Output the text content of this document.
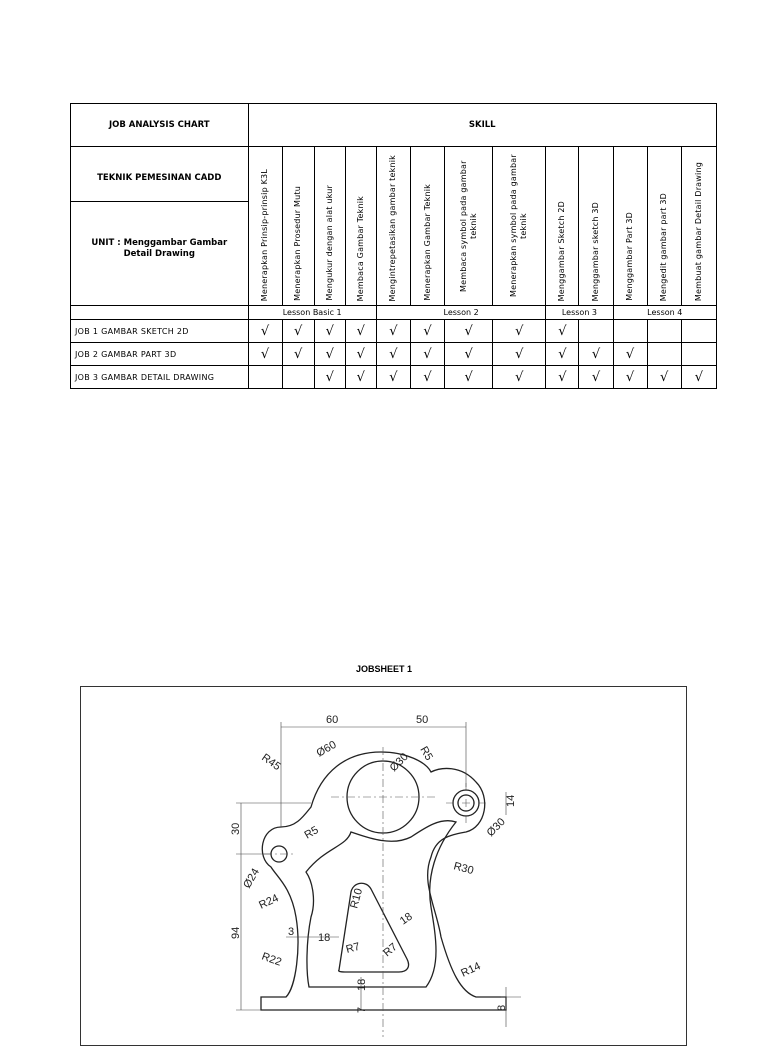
JOB ANALYSIS CHART	SKILL												

TEKNIK PEMESINAN CADD
UNIT : Menggambar Gambar Detail Drawing	Menerapkan Prinsip-prinsip K3L	Menerapkan Prosedur Mutu	Mengukur dengan alat ukur	Membaca Gambar Teknik	Mengintrepetasikan gambar teknik	Menerapkan Gambar Teknik	Membaca symbol pada gambar teknik	Menerapkan symbol pada gambar teknik	Menggambar Sketch 2D	Menggambar sketch 3D	Menggambar Part 3D	Mengedit gambar part 3D	Membuat gambar Detail Drawing

	Lesson Basic 1				Lesson 2				Lesson 3		Lesson 4		
JOB 1 GAMBAR SKETCH 2D	√	√	√	√	√	√	√	√	√				
JOB 2 GAMBAR PART 3D	√	√	√	√	√	√	√	√	√	√	√		
JOB 3 GAMBAR DETAIL DRAWING			√	√	√	√	√	√	√	√	√	√	√
JOBSHEET 1
60	50
R45
Ø60
Ø30 R5
14
Ø30
30	R5
Ø24
R24	R10
R30
18
3 18
R7 R7
94
R22
R14
18
7	8
